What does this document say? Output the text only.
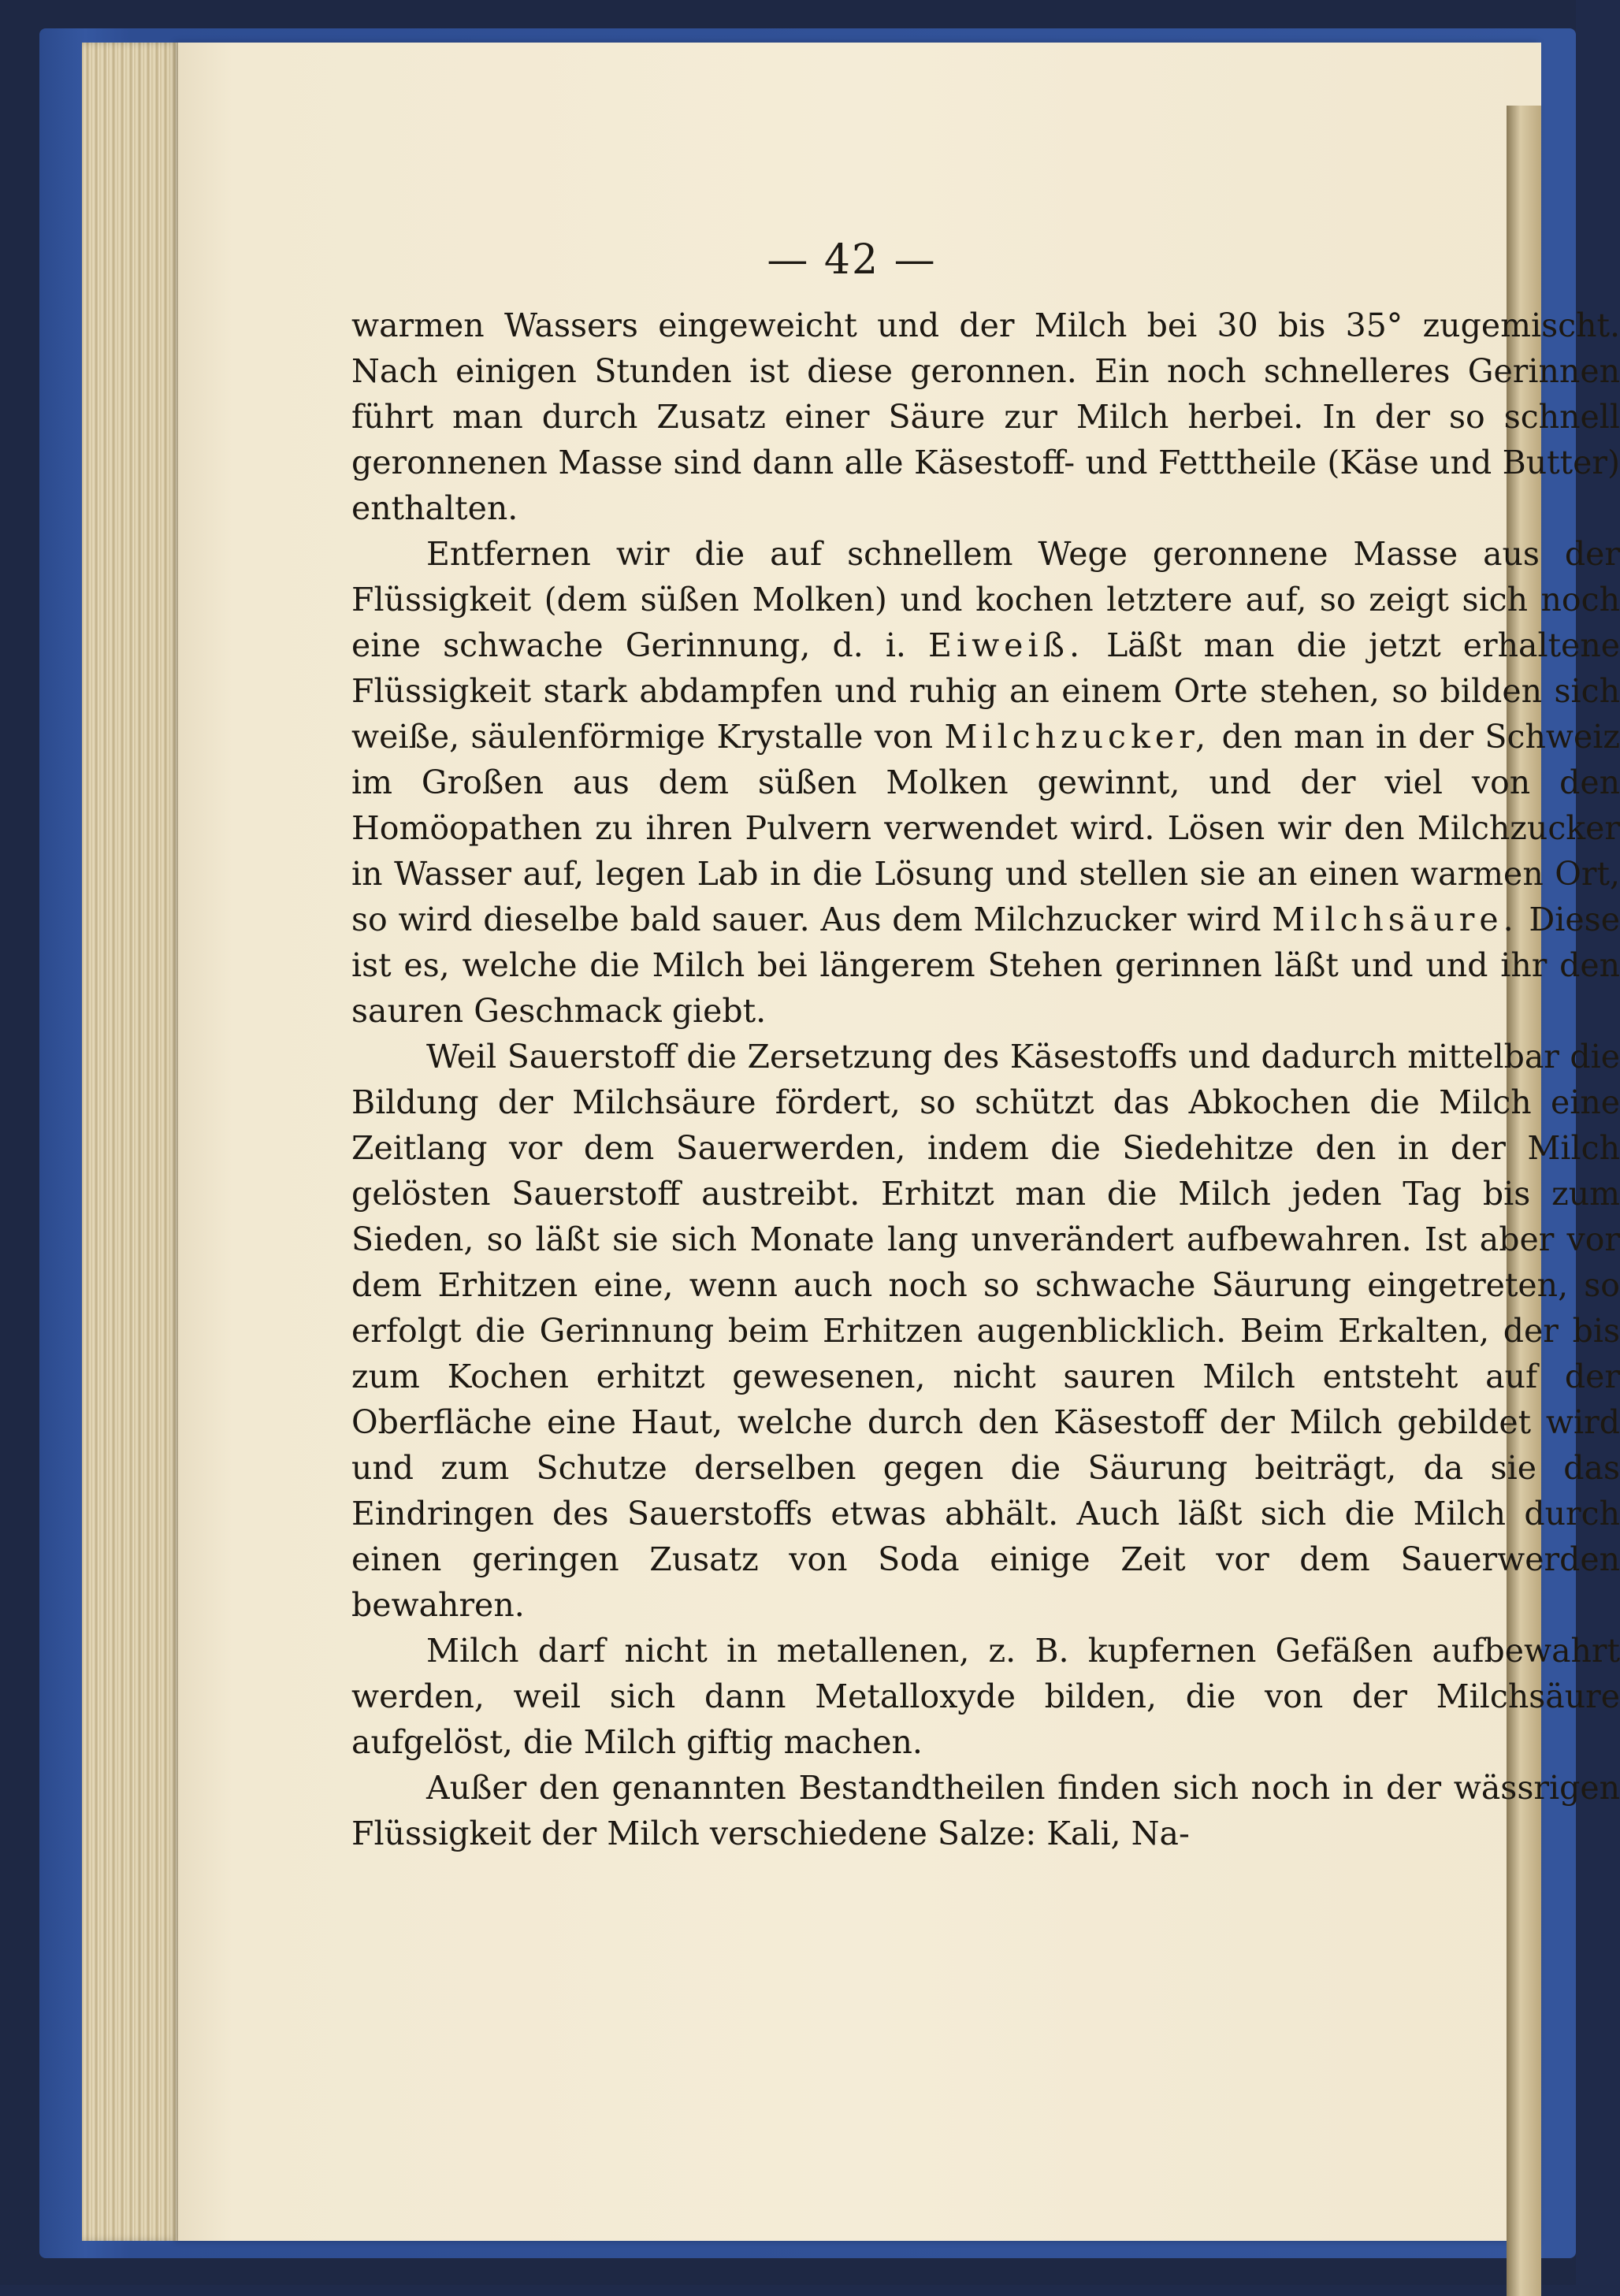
— 42 —

warmen Wassers eingeweicht und der Milch bei 30 bis 35° zugemischt. Nach einigen Stunden ist diese geronnen. Ein noch schnelleres Gerinnen führt man durch Zusatz einer Säure zur Milch herbei. In der so schnell geronnenen Masse sind dann alle Käsestoff- und Fetttheile (Käse und Butter) enthalten.

Entfernen wir die auf schnellem Wege geronnene Masse aus der Flüssigkeit (dem süßen Molken) und kochen letztere auf, so zeigt sich noch eine schwache Gerinnung, d. i. Eiweiß. Läßt man die jetzt erhaltene Flüssigkeit stark abdampfen und ruhig an einem Orte stehen, so bilden sich weiße, säulenförmige Krystalle von Milchzucker, den man in der Schweiz im Großen aus dem süßen Molken gewinnt, und der viel von den Homöopathen zu ihren Pulvern verwendet wird. Lösen wir den Milchzucker in Wasser auf, legen Lab in die Lösung und stellen sie an einen warmen Ort, so wird dieselbe bald sauer. Aus dem Milchzucker wird Milchsäure. Diese ist es, welche die Milch bei längerem Stehen gerinnen läßt und und ihr den sauren Geschmack giebt.

Weil Sauerstoff die Zersetzung des Käsestoffs und dadurch mittelbar die Bildung der Milchsäure fördert, so schützt das Abkochen die Milch eine Zeitlang vor dem Sauerwerden, indem die Siedehitze den in der Milch gelösten Sauerstoff austreibt. Erhitzt man die Milch jeden Tag bis zum Sieden, so läßt sie sich Monate lang unverändert aufbewahren. Ist aber vor dem Erhitzen eine, wenn auch noch so schwache Säurung eingetreten, so erfolgt die Gerinnung beim Erhitzen augenblicklich. Beim Erkalten, der bis zum Kochen erhitzt gewesenen, nicht sauren Milch entsteht auf der Oberfläche eine Haut, welche durch den Käsestoff der Milch gebildet wird und zum Schutze derselben gegen die Säurung beiträgt, da sie das Eindringen des Sauerstoffs etwas abhält. Auch läßt sich die Milch durch einen geringen Zusatz von Soda einige Zeit vor dem Sauerwerden bewahren.

Milch darf nicht in metallenen, z. B. kupfernen Gefäßen aufbewahrt werden, weil sich dann Metalloxyde bilden, die von der Milchsäure aufgelöst, die Milch giftig machen.

Außer den genannten Bestandtheilen finden sich noch in der wässrigen Flüssigkeit der Milch verschiedene Salze: Kali, Na-
